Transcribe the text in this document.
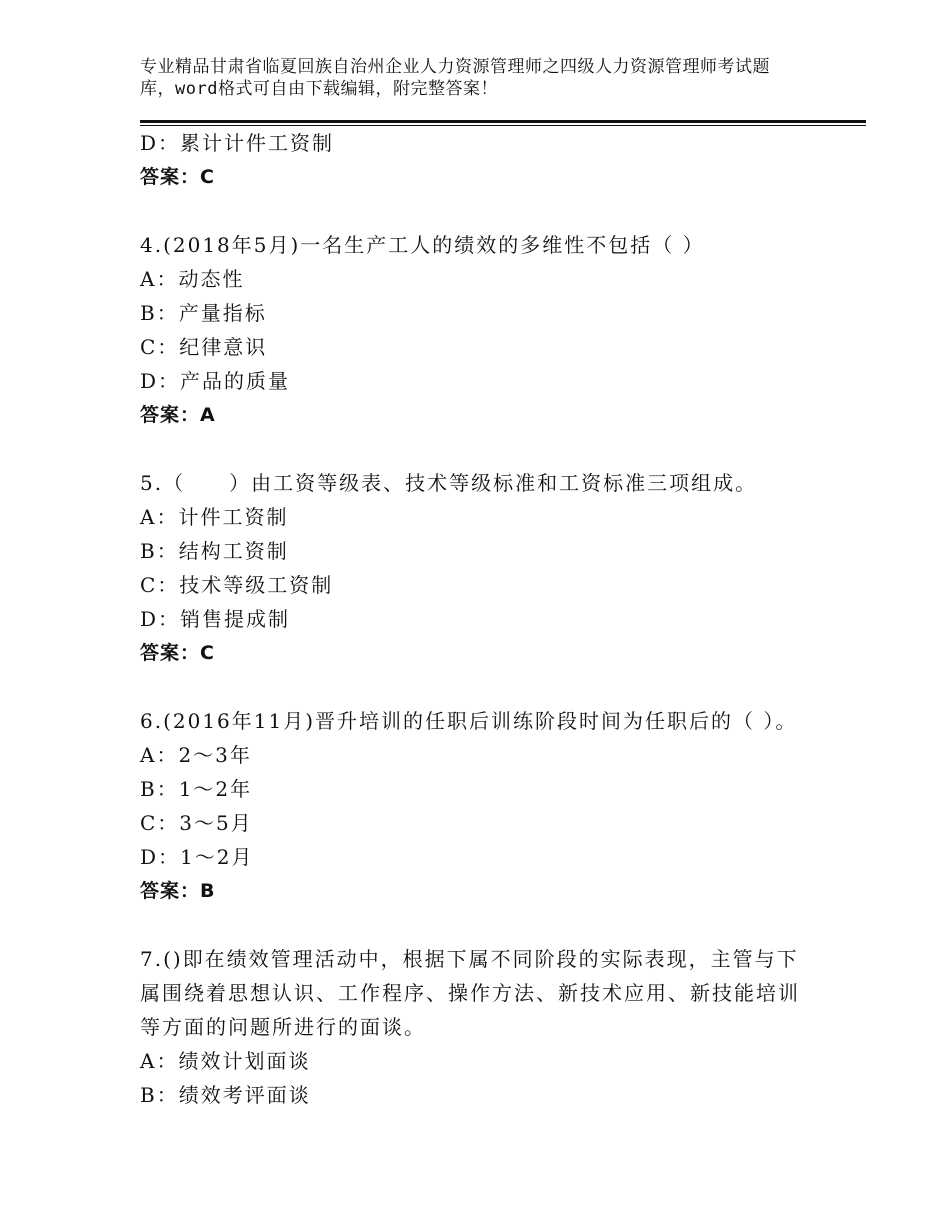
专业精品甘肃省临夏回族自治州企业人力资源管理师之四级人力资源管理师考试题
库，word格式可自由下载编辑，附完整答案！
D：累计计件工资制
答案：C
4.(2018年5月)一名生产工人的绩效的多维性不包括（ ）
A：动态性
B：产量指标
C：纪律意识
D：产品的质量
答案：A
5.（　　）由工资等级表、技术等级标准和工资标准三项组成。
A：计件工资制
B：结构工资制
C：技术等级工资制
D：销售提成制
答案：C
6.(2016年11月)晋升培训的任职后训练阶段时间为任职后的（ ）。
A：2～3年
B：1～2年
C：3～5月
D：1～2月
答案：B
7.()即在绩效管理活动中，根据下属不同阶段的实际表现，主管与下
属围绕着思想认识、工作程序、操作方法、新技术应用、新技能培训
等方面的问题所进行的面谈。
A：绩效计划面谈
B：绩效考评面谈
